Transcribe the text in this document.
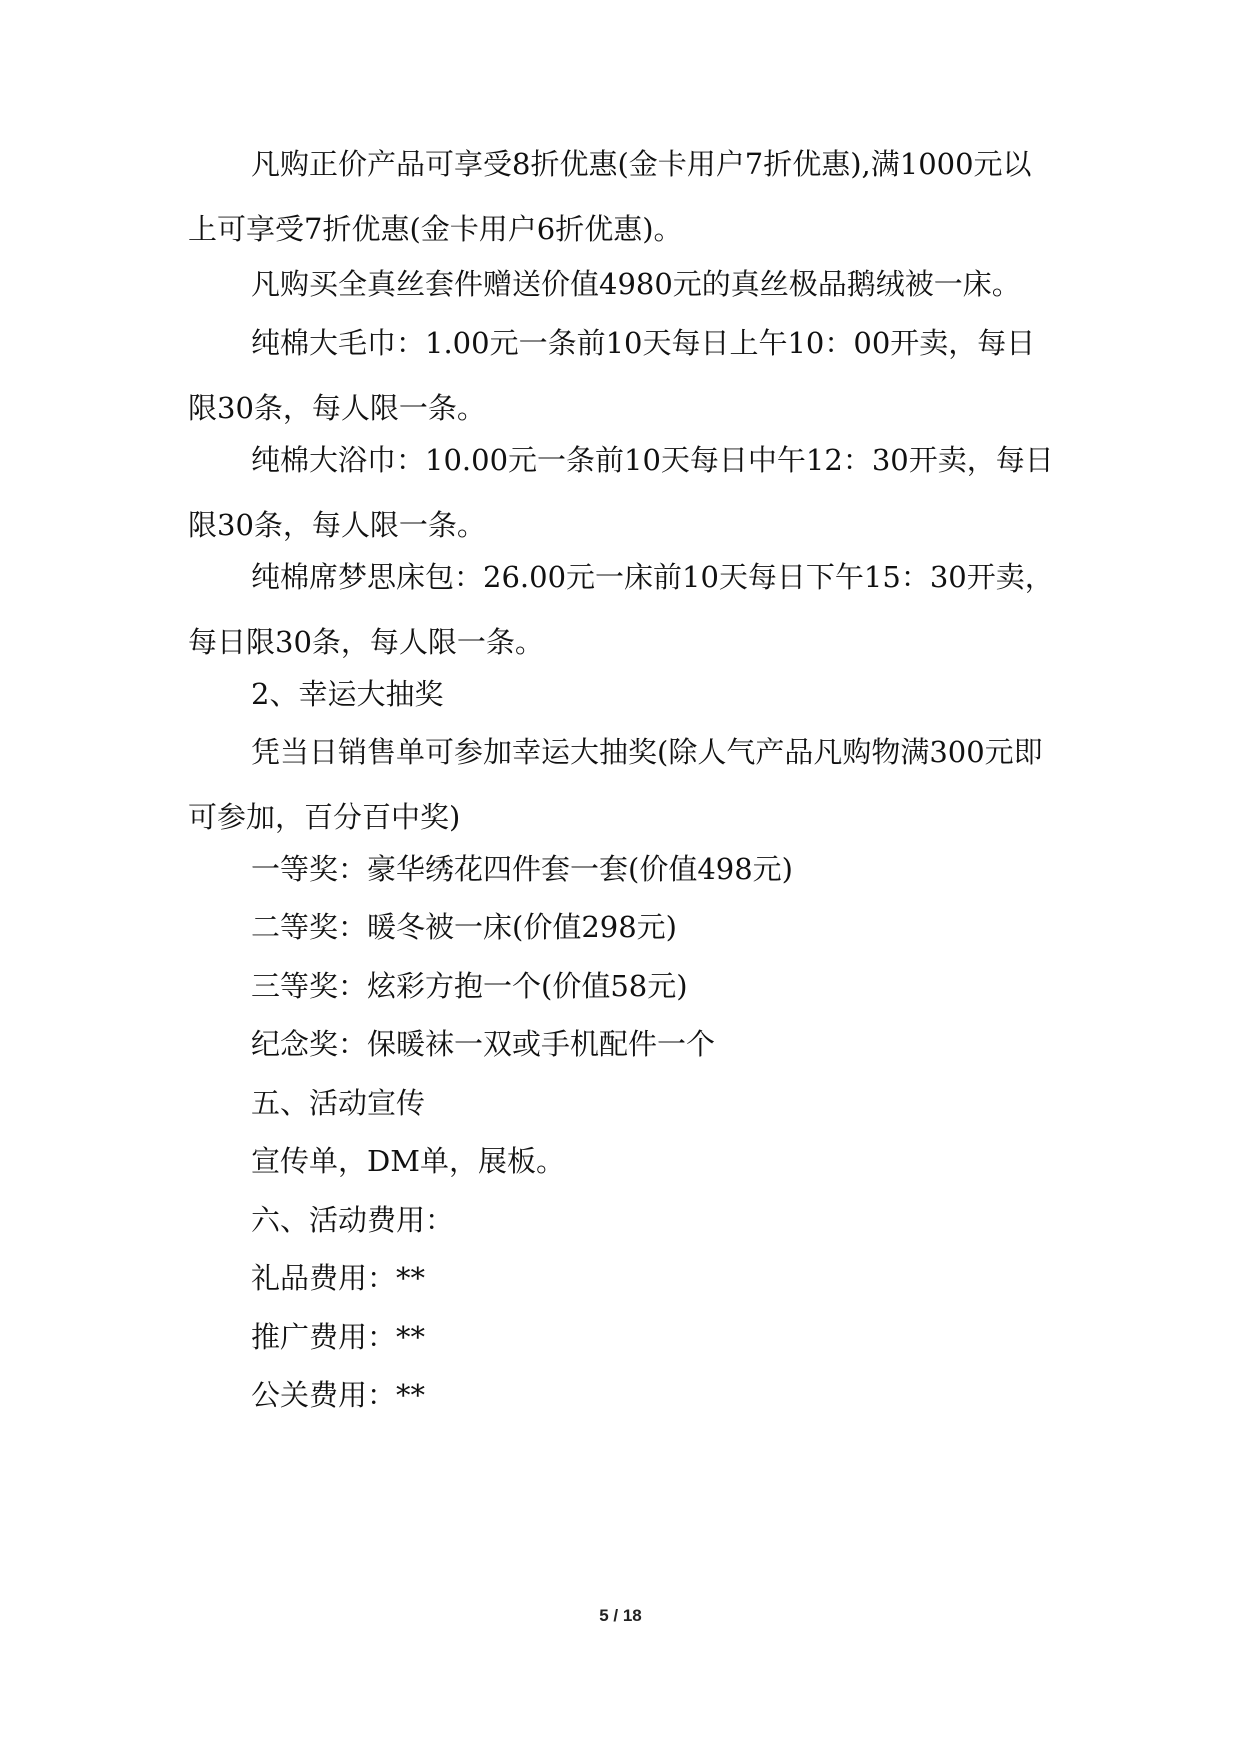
凡购正价产品可享受8折优惠(金卡用户7折优惠),满1000元以上可享受7折优惠(金卡用户6折优惠)。

凡购买全真丝套件赠送价值4980元的真丝极品鹅绒被一床。

纯棉大毛巾：1.00元一条前10天每日上午10：00开卖，每日限30条，每人限一条。

纯棉大浴巾：10.00元一条前10天每日中午12：30开卖，每日限30条，每人限一条。

纯棉席梦思床包：26.00元一床前10天每日下午15：30开卖，每日限30条，每人限一条。

2、幸运大抽奖

凭当日销售单可参加幸运大抽奖(除人气产品凡购物满300元即可参加，百分百中奖)

一等奖：豪华绣花四件套一套(价值498元)

二等奖：暖冬被一床(价值298元)

三等奖：炫彩方抱一个(价值58元)

纪念奖：保暖袜一双或手机配件一个

五、活动宣传

宣传单，DM单，展板。

六、活动费用：

礼品费用：**

推广费用：**

公关费用：**

5 / 18
